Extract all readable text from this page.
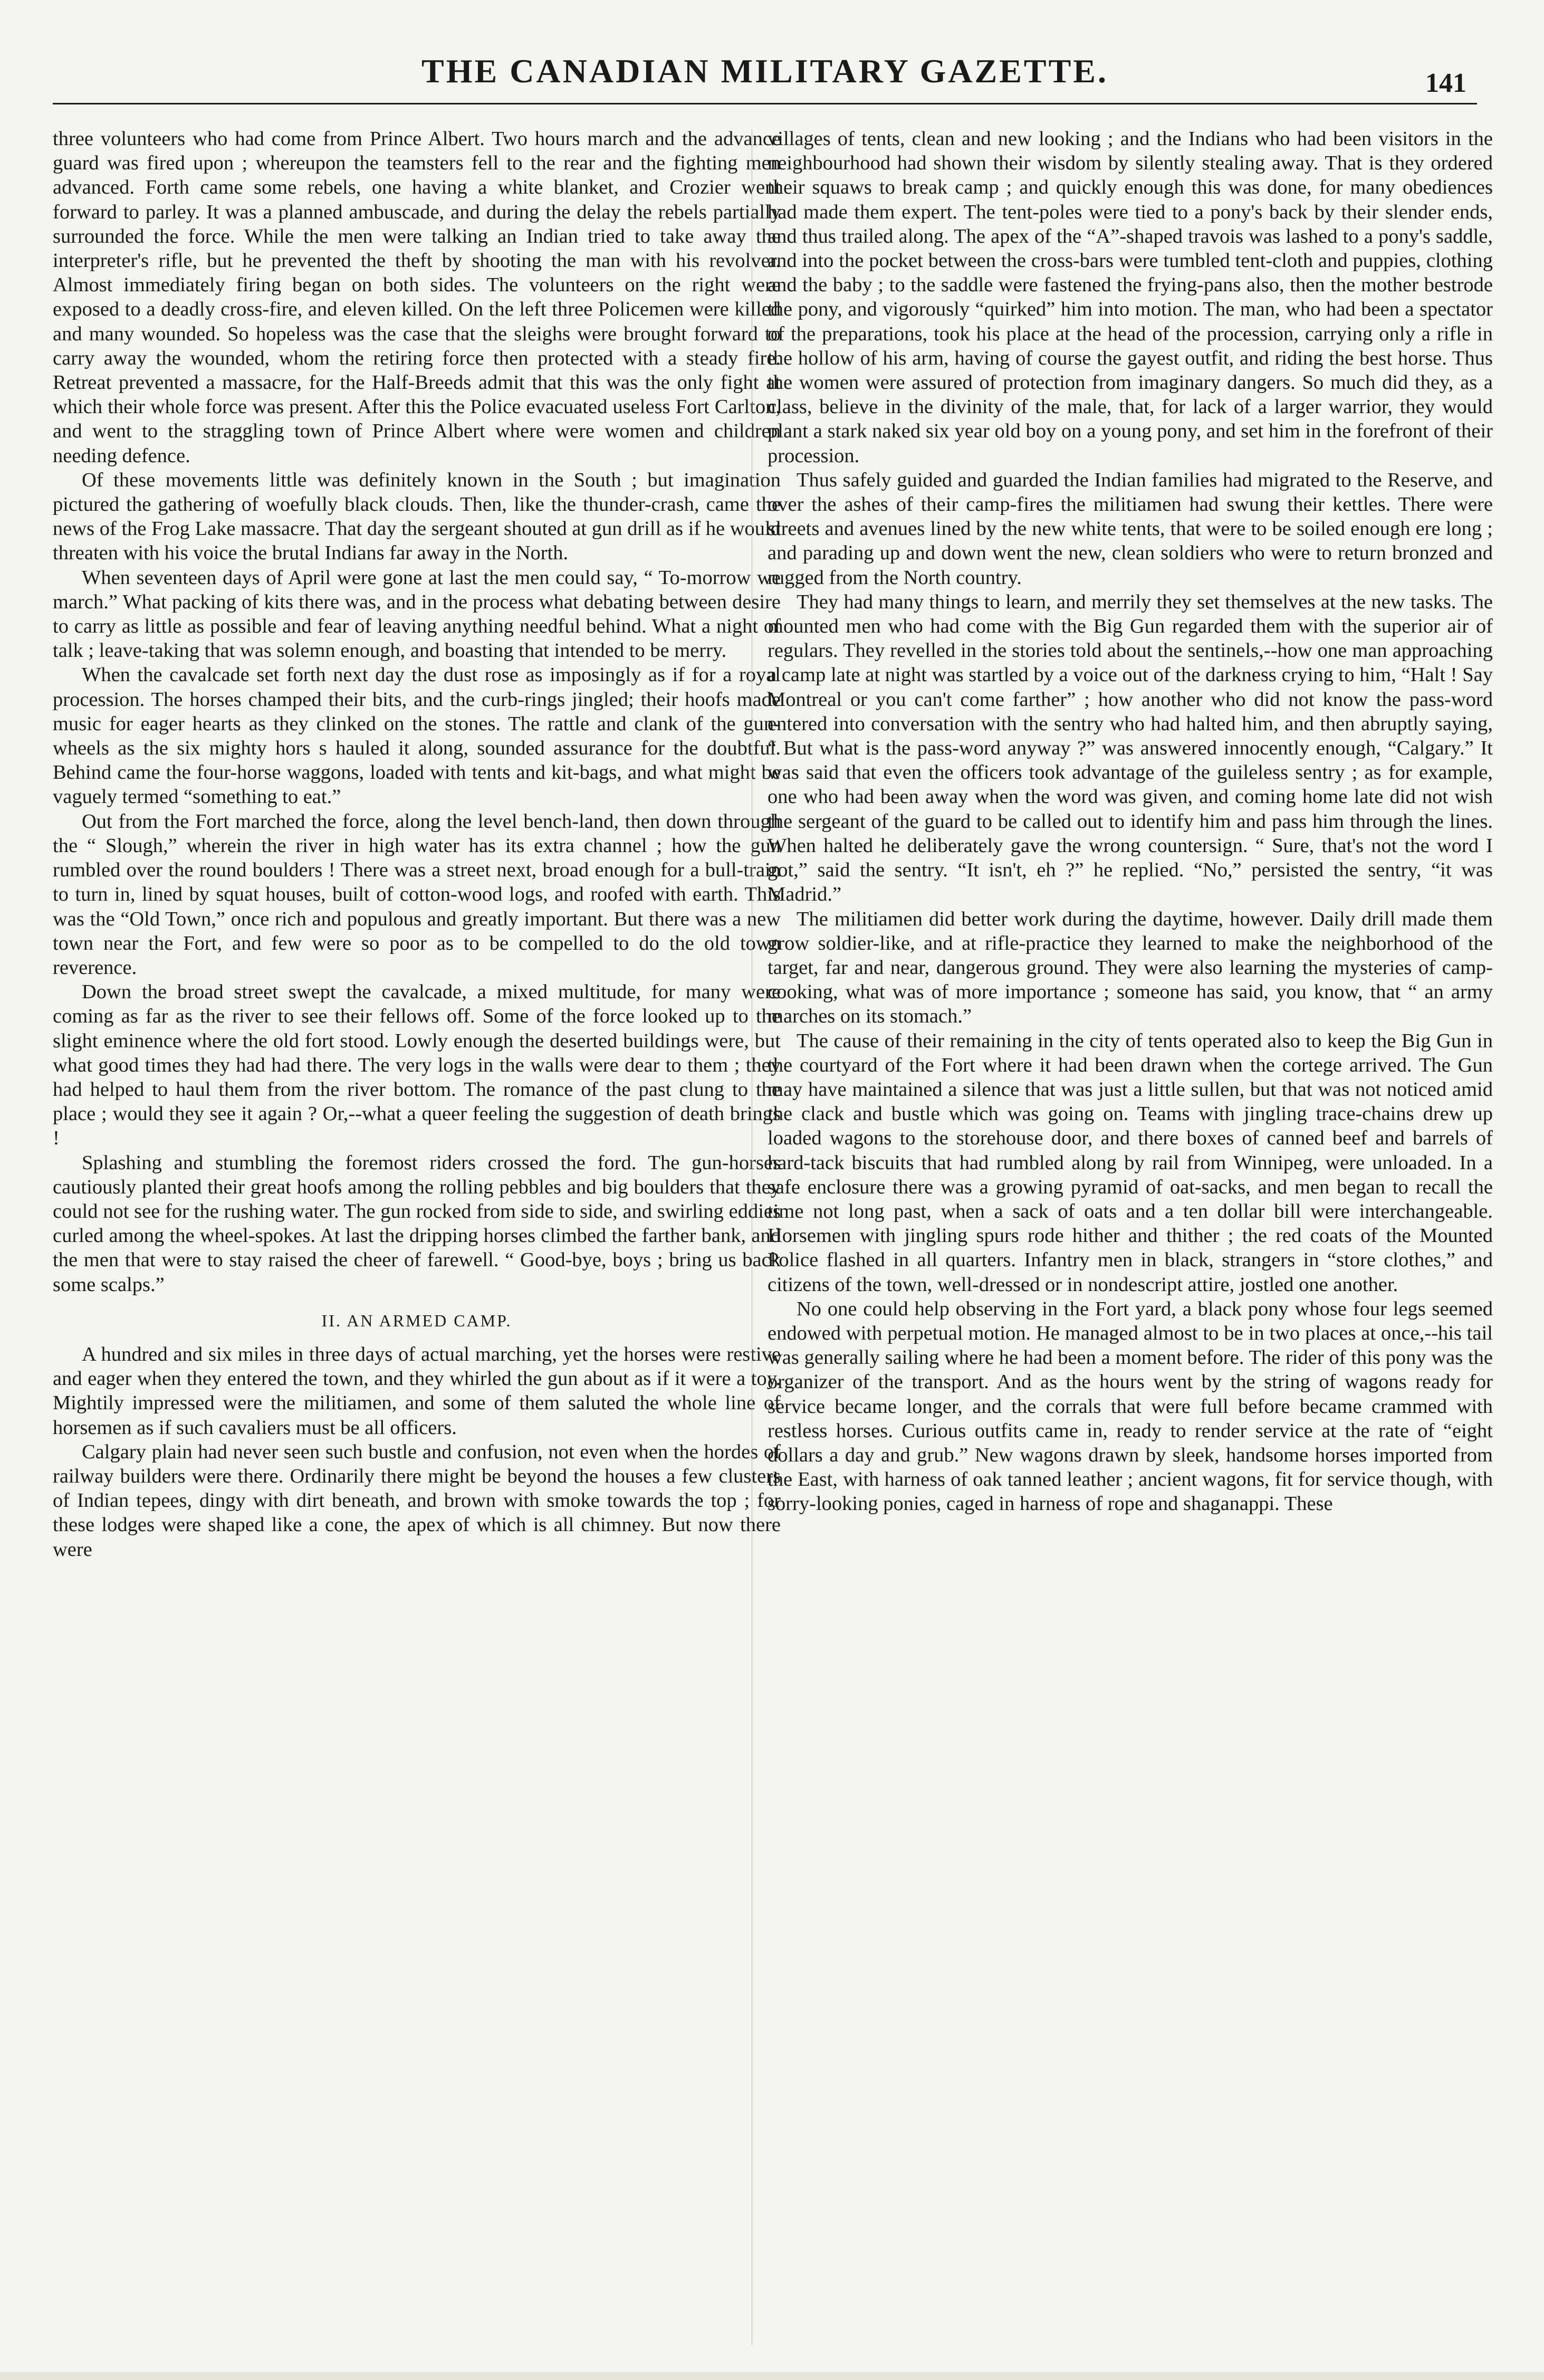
THE CANADIAN MILITARY GAZETTE.	141

three volunteers who had come from Prince Albert. Two hours march and the advance guard was fired upon ; whereupon the teamsters fell to the rear and the fighting men advanced. Forth came some rebels, one having a white blanket, and Crozier went forward to parley. It was a planned ambuscade, and during the delay the rebels partially surrounded the force. While the men were talking an Indian tried to take away the interpreter's rifle, but he prevented the theft by shooting the man with his revolver. Almost immediately firing began on both sides. The volunteers on the right were exposed to a deadly cross-fire, and eleven killed. On the left three Policemen were killed and many wounded. So hopeless was the case that the sleighs were brought forward to carry away the wounded, whom the retiring force then protected with a steady fire. Retreat prevented a massacre, for the Half-Breeds admit that this was the only fight at which their whole force was present. After this the Police evacuated useless Fort Carlton, and went to the straggling town of Prince Albert where were women and children needing defence.

Of these movements little was definitely known in the South ; but imagination pictured the gathering of woefully black clouds. Then, like the thunder-crash, came the news of the Frog Lake massacre. That day the sergeant shouted at gun drill as if he would threaten with his voice the brutal Indians far away in the North.

When seventeen days of April were gone at last the men could say, “ To-morrow we march.” What packing of kits there was, and in the process what debating between desire to carry as little as possible and fear of leaving anything needful behind. What a night of talk ; leave-taking that was solemn enough, and boasting that intended to be merry.

When the cavalcade set forth next day the dust rose as imposingly as if for a royal procession. The horses champed their bits, and the curb-rings jingled; their hoofs made music for eager hearts as they clinked on the stones. The rattle and clank of the gun-wheels as the six mighty hors s hauled it along, sounded assurance for the doubtful. Behind came the four-horse waggons, loaded with tents and kit-bags, and what might be vaguely termed “something to eat.”

Out from the Fort marched the force, along the level bench-land, then down through the “ Slough,” wherein the river in high water has its extra channel ; how the gun rumbled over the round boulders ! There was a street next, broad enough for a bull-train to turn in, lined by squat houses, built of cotton-wood logs, and roofed with earth. This was the “Old Town,” once rich and populous and greatly important. But there was a new town near the Fort, and few were so poor as to be compelled to do the old town reverence.

Down the broad street swept the cavalcade, a mixed multitude, for many were coming as far as the river to see their fellows off. Some of the force looked up to the slight eminence where the old fort stood. Lowly enough the deserted buildings were, but what good times they had had there. The very logs in the walls were dear to them ; they had helped to haul them from the river bottom. The romance of the past clung to the place ; would they see it again ? Or,--what a queer feeling the suggestion of death brings !

Splashing and stumbling the foremost riders crossed the ford. The gun-horses cautiously planted their great hoofs among the rolling pebbles and big boulders that they could not see for the rushing water. The gun rocked from side to side, and swirling eddies curled among the wheel-spokes. At last the dripping horses climbed the farther bank, and the men that were to stay raised the cheer of farewell. “ Good-bye, boys ; bring us back some scalps.”

II. AN ARMED CAMP.

A hundred and six miles in three days of actual marching, yet the horses were restive and eager when they entered the town, and they whirled the gun about as if it were a toy. Mightily impressed were the militiamen, and some of them saluted the whole line of horsemen as if such cavaliers must be all officers.

Calgary plain had never seen such bustle and confusion, not even when the hordes of railway builders were there. Ordinarily there might be beyond the houses a few clusters of Indian tepees, dingy with dirt beneath, and brown with smoke towards the top ; for these lodges were shaped like a cone, the apex of which is all chimney. But now there were

villages of tents, clean and new looking ; and the Indians who had been visitors in the neighbourhood had shown their wisdom by silently stealing away. That is they ordered their squaws to break camp ; and quickly enough this was done, for many obediences had made them expert. The tent-poles were tied to a pony's back by their slender ends, and thus trailed along. The apex of the “A”-shaped travois was lashed to a pony's saddle, and into the pocket between the cross-bars were tumbled tent-cloth and puppies, clothing and the baby ; to the saddle were fastened the frying-pans also, then the mother bestrode the pony, and vigorously “quirked” him into motion. The man, who had been a spectator of the preparations, took his place at the head of the procession, carrying only a rifle in the hollow of his arm, having of course the gayest outfit, and riding the best horse. Thus the women were assured of protection from imaginary dangers. So much did they, as a class, believe in the divinity of the male, that, for lack of a larger warrior, they would plant a stark naked six year old boy on a young pony, and set him in the forefront of their procession.

Thus safely guided and guarded the Indian families had migrated to the Reserve, and over the ashes of their camp-fires the militiamen had swung their kettles. There were streets and avenues lined by the new white tents, that were to be soiled enough ere long ; and parading up and down went the new, clean soldiers who were to return bronzed and rugged from the North country.

They had many things to learn, and merrily they set themselves at the new tasks. The mounted men who had come with the Big Gun regarded them with the superior air of regulars. They revelled in the stories told about the sentinels,--how one man approaching a camp late at night was startled by a voice out of the darkness crying to him, “Halt ! Say Montreal or you can't come farther” ; how another who did not know the pass-word entered into conversation with the sentry who had halted him, and then abruptly saying, “ But what is the pass-word anyway ?” was answered innocently enough, “Calgary.” It was said that even the officers took advantage of the guileless sentry ; as for example, one who had been away when the word was given, and coming home late did not wish the sergeant of the guard to be called out to identify him and pass him through the lines. When halted he deliberately gave the wrong countersign. “ Sure, that's not the word I got,” said the sentry. “It isn't, eh ?” he replied. “No,” persisted the sentry, “it was Madrid.”

The militiamen did better work during the daytime, however. Daily drill made them grow soldier-like, and at rifle-practice they learned to make the neighborhood of the target, far and near, dangerous ground. They were also learning the mysteries of camp-cooking, what was of more importance ; someone has said, you know, that “ an army marches on its stomach.”

The cause of their remaining in the city of tents operated also to keep the Big Gun in the courtyard of the Fort where it had been drawn when the cortege arrived. The Gun may have maintained a silence that was just a little sullen, but that was not noticed amid the clack and bustle which was going on. Teams with jingling trace-chains drew up loaded wagons to the storehouse door, and there boxes of canned beef and barrels of hard-tack biscuits that had rumbled along by rail from Winnipeg, were unloaded. In a safe enclosure there was a growing pyramid of oat-sacks, and men began to recall the time not long past, when a sack of oats and a ten dollar bill were interchangeable. Horsemen with jingling spurs rode hither and thither ; the red coats of the Mounted Police flashed in all quarters. Infantry men in black, strangers in “store clothes,” and citizens of the town, well-dressed or in nondescript attire, jostled one another.

No one could help observing in the Fort yard, a black pony whose four legs seemed endowed with perpetual motion. He managed almost to be in two places at once,--his tail was generally sailing where he had been a moment before. The rider of this pony was the organizer of the transport. And as the hours went by the string of wagons ready for service became longer, and the corrals that were full before became crammed with restless horses. Curious outfits came in, ready to render service at the rate of “eight dollars a day and grub.” New wagons drawn by sleek, handsome horses imported from the East, with harness of oak tanned leather ; ancient wagons, fit for service though, with sorry-looking ponies, caged in harness of rope and shaganappi. These
